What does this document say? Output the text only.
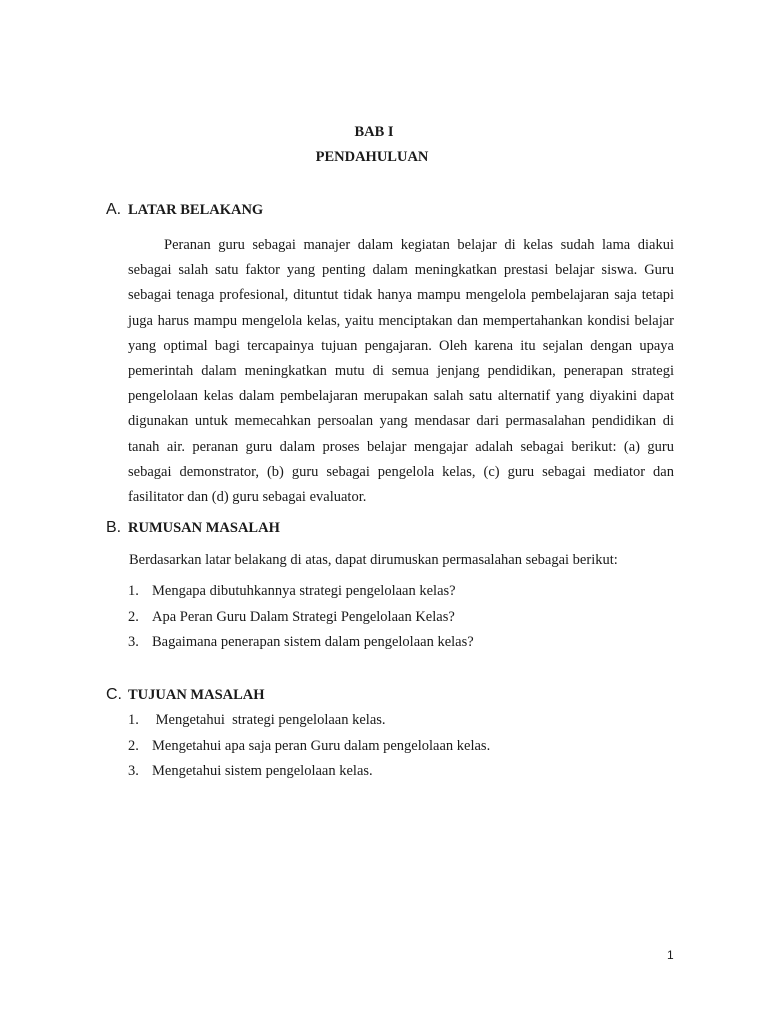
BAB I
PENDAHULUAN
A. LATAR BELAKANG

Peranan guru sebagai manajer dalam kegiatan belajar di kelas sudah lama diakui sebagai salah satu faktor yang penting dalam meningkatkan prestasi belajar siswa. Guru sebagai tenaga profesional, dituntut tidak hanya mampu mengelola pembelajaran saja tetapi juga harus mampu mengelola kelas, yaitu menciptakan dan mempertahankan kondisi belajar yang optimal bagi tercapainya tujuan pengajaran. Oleh karena itu sejalan dengan upaya pemerintah dalam meningkatkan mutu di semua jenjang pendidikan, penerapan strategi pengelolaan kelas dalam pembelajaran merupakan salah satu alternatif yang diyakini dapat digunakan untuk memecahkan persoalan yang mendasar dari permasalahan pendidikan di tanah air. peranan guru dalam proses belajar mengajar adalah sebagai berikut: (a) guru sebagai demonstrator, (b) guru sebagai pengelola kelas, (c) guru sebagai mediator dan fasilitator dan (d) guru sebagai evaluator.

B. RUMUSAN MASALAH
Berdasarkan latar belakang di atas, dapat dirumuskan permasalahan sebagai berikut:
1. Mengapa dibutuhkannya strategi pengelolaan kelas?
2. Apa Peran Guru Dalam Strategi Pengelolaan Kelas?
3. Bagaimana penerapan sistem dalam pengelolaan kelas?
C. TUJUAN MASALAH
1. Mengetahui  strategi pengelolaan kelas.
2. Mengetahui apa saja peran Guru dalam pengelolaan kelas.
3. Mengetahui sistem pengelolaan kelas.
1
